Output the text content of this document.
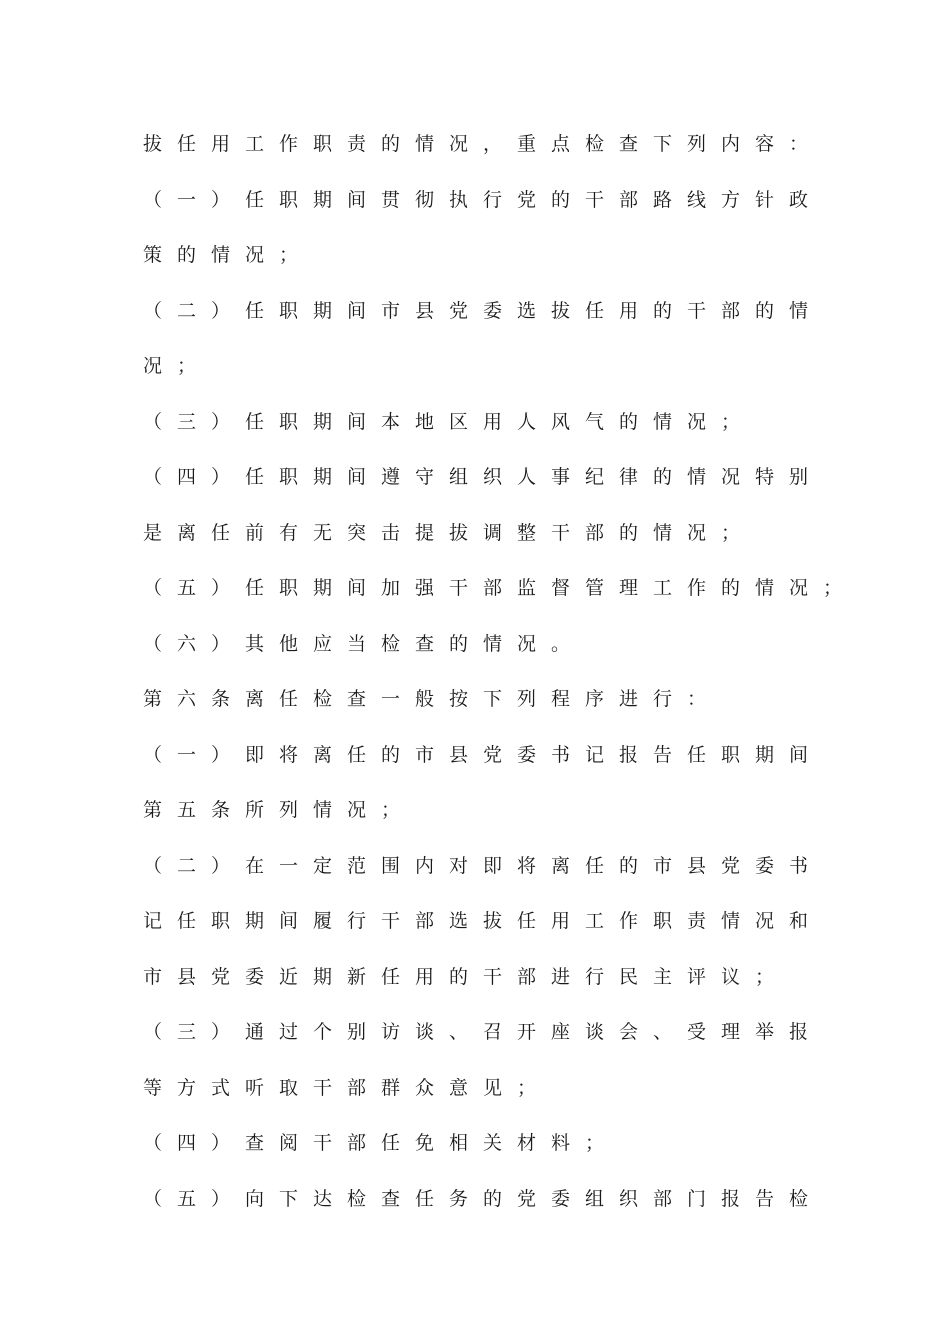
拔任用工作职责的情况，重点检查下列内容：
（一）任职期间贯彻执行党的干部路线方针政
策的情况；
（二）任职期间市县党委选拔任用的干部的情
况；
（三）任职期间本地区用人风气的情况；
（四）任职期间遵守组织人事纪律的情况特别
是离任前有无突击提拔调整干部的情况；
（五）任职期间加强干部监督管理工作的情况；
（六）其他应当检查的情况。
第六条离任检查一般按下列程序进行：
（一）即将离任的市县党委书记报告任职期间
第五条所列情况；
（二）在一定范围内对即将离任的市县党委书
记任职期间履行干部选拔任用工作职责情况和
市县党委近期新任用的干部进行民主评议；
（三）通过个别访谈、召开座谈会、受理举报
等方式听取干部群众意见；
（四）查阅干部任免相关材料；
（五）向下达检查任务的党委组织部门报告检
